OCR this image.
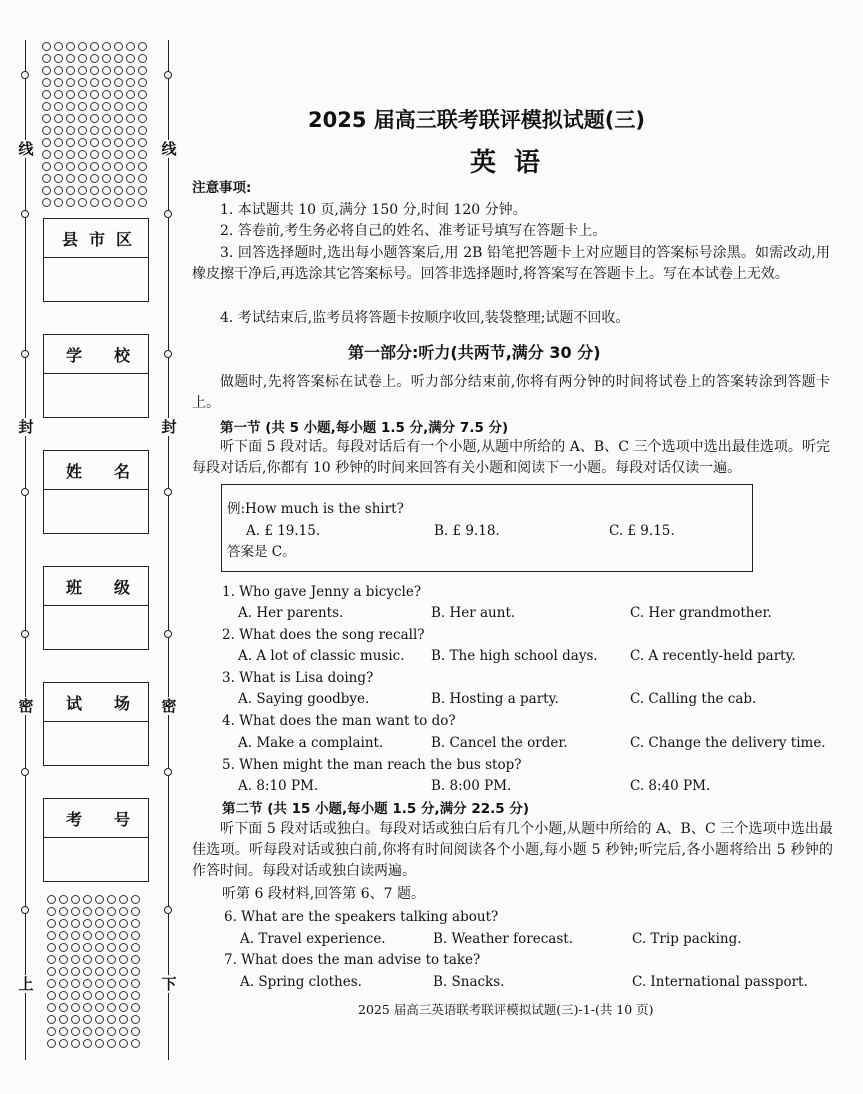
线
封
密
上
线
封
密
下
县 市 区
学 校
姓 名
班 级
试 场
考 号
2025 届高三联考联评模拟试题(三)
英语
注意事项:
1. 本试题共 10 页,满分 150 分,时间 120 分钟。
2. 答卷前,考生务必将自己的姓名、准考证号填写在答题卡上。
3. 回答选择题时,选出每小题答案后,用 2B 铅笔把答题卡上对应题目的答案标号涂黑。如需改动,用橡皮擦干净后,再选涂其它答案标号。回答非选择题时,将答案写在答题卡上。写在本试卷上无效。
4. 考试结束后,监考员将答题卡按顺序收回,装袋整理;试题不回收。
第一部分:听力(共两节,满分 30 分)
做题时,先将答案标在试卷上。听力部分结束前,你将有两分钟的时间将试卷上的答案转涂到答题卡上。
第一节 (共 5 小题,每小题 1.5 分,满分 7.5 分)
听下面 5 段对话。每段对话后有一个小题,从题中所给的 A、B、C 三个选项中选出最佳选项。听完每段对话后,你都有 10 秒钟的时间来回答有关小题和阅读下一小题。每段对话仅读一遍。
例:How much is the shirt?
A. £ 19.15.	B. £ 9.18.	C. £ 9.15.
答案是 C。
1. Who gave Jenny a bicycle?
A. Her parents.	B. Her aunt.	C. Her grandmother.
2. What does the song recall?
A. A lot of classic music. B. The high school days. C. A recently-held party.
3. What is Lisa doing?
A. Saying goodbye.	B. Hosting a party.	C. Calling the cab.
4. What does the man want to do?
A. Make a complaint.	B. Cancel the order.	C. Change the delivery time.
5. When might the man reach the bus stop?
A. 8:10 PM.	B. 8:00 PM.	C. 8:40 PM.
第二节 (共 15 小题,每小题 1.5 分,满分 22.5 分)
听下面 5 段对话或独白。每段对话或独白后有几个小题,从题中所给的 A、B、C 三个选项中选出最佳选项。听每段对话或独白前,你将有时间阅读各个小题,每小题 5 秒钟;听完后,各小题将给出 5 秒钟的作答时间。每段对话或独白读两遍。
听第 6 段材料,回答第 6、7 题。
6. What are the speakers talking about?
A. Travel experience.	B. Weather forecast.	C. Trip packing.
7. What does the man advise to take?
A. Spring clothes.	B. Snacks.	C. International passport.
2025 届高三英语联考联评模拟试题(三)-1-(共 10 页)
